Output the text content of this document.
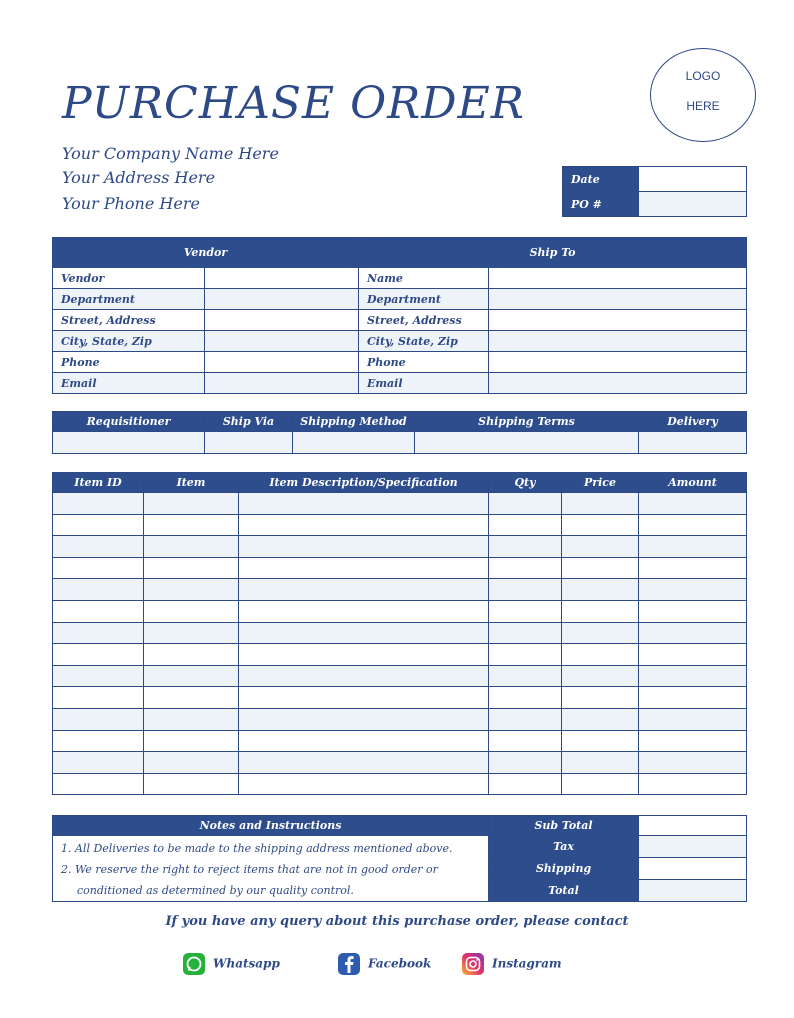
PURCHASE ORDER
LOGO
HERE
Your Company Name Here
Your Address Here
Your Phone Here
Date	
PO #	
Vendor		Ship To	
Vendor		Name	
Department		Department	
Street, Address		Street, Address	
City, State, Zip		City, State, Zip	
Phone		Phone	
Email		Email	
Requisitioner	Ship Via	Shipping Method	Shipping Terms	Delivery

Item ID	Item	Item Description/Specification	Qty	Price	Amount

Notes and Instructions	Sub Total	

1. All Deliveries to be made to the shipping address mentioned above.
2. We reserve the right to reject items that are not in good order or
conditioned as determined by our quality control.	Tax	
	Shipping	
	Total	
If you have any query about this purchase order, please contact
Whatsapp	Facebook	Instagram
